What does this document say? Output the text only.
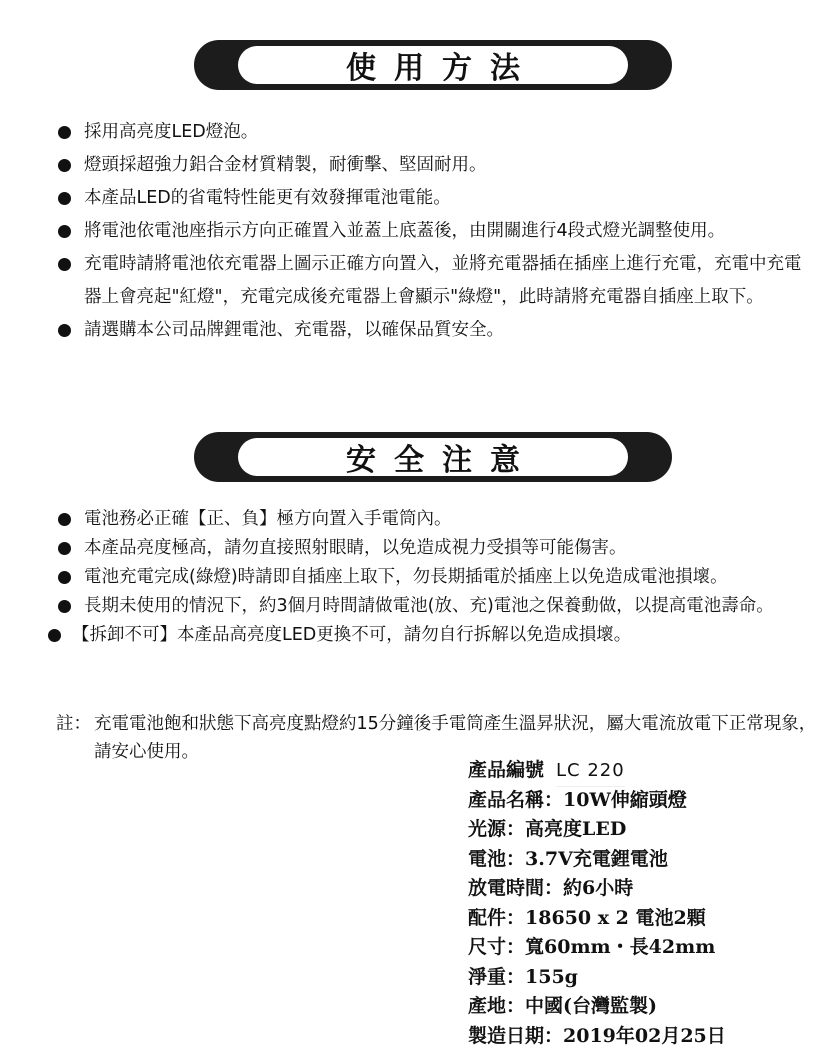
使用方法
採用高亮度LED燈泡。
燈頭採超強力鋁合金材質精製，耐衝擊、堅固耐用。
本產品LED的省電特性能更有效發揮電池電能。
將電池依電池座指示方向正確置入並蓋上底蓋後，由開關進行4段式燈光調整使用。
充電時請將電池依充電器上圖示正確方向置入，並將充電器插在插座上進行充電，充電中充電器上會亮起"紅燈"，充電完成後充電器上會顯示"綠燈"，此時請將充電器自插座上取下。
請選購本公司品牌鋰電池、充電器，以確保品質安全。
安全注意
電池務必正確【正、負】極方向置入手電筒內。
本產品亮度極高，請勿直接照射眼睛，以免造成視力受損等可能傷害。
電池充電完成(綠燈)時請即自插座上取下，勿長期插電於插座上以免造成電池損壞。
長期未使用的情況下，約3個月時間請做電池(放、充)電池之保養動做，以提高電池壽命。
【拆卸不可】本產品高亮度LED更換不可，請勿自行拆解以免造成損壞。
註： 充電電池飽和狀態下高亮度點燈約15分鐘後手電筒產生溫昇狀況，屬大電流放電下正常現象，請安心使用。
產品編號 LC 220
產品名稱：10W伸縮頭燈
光源：高亮度LED
電池：3.7V充電鋰電池
放電時間：約6小時
配件：18650 x 2 電池2顆
尺寸：寬60mm・長42mm
淨重：155g
產地：中國(台灣監製)
製造日期：2019年02月25日
